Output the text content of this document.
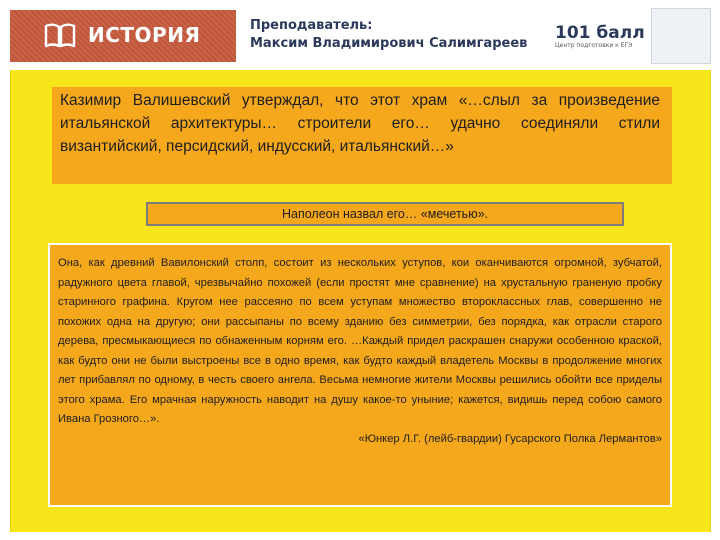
ИСТОРИЯ	Преподаватель:
Максим Владимирович Салимгареев
101 балл
Центр подготовки к ЕГЭ
Казимир Валишевский утверждал, что этот храм «…слыл за произведение итальянской архитектуры… строители его… удачно соединяли стили византийский, персидский, индусский, итальянский…»
Наполеон назвал его… «мечетью».
Она, как древний Вавилонский столп, состоит из нескольких уступов, кои оканчиваются огромной, зубчатой, радужного цвета главой, чрезвычайно похожей (если простят мне сравнение) на хрустальную граненую пробку старинного графина. Кругом нее рассеяно по всем уступам множество второклассных глав, совершенно не похожих одна на другую; они рассыпаны по всему зданию без симметрии, без порядка, как отрасли старого дерева, пресмыкающиеся по обнаженным корням его. …Каждый придел раскрашен снаружи особенною краской, как будто они не были выстроены все в одно время, как будто каждый владетель Москвы в продолжение многих лет прибавлял по одному, в честь своего ангела. Весьма немногие жители Москвы решились обойти все приделы этого храма. Его мрачная наружность наводит на душу какое-то уныние; кажется, видишь перед собою самого Ивана Грозного…».
«Юнкер Л.Г. (лейб-гвардии) Гусарского Полка Лермантов»
